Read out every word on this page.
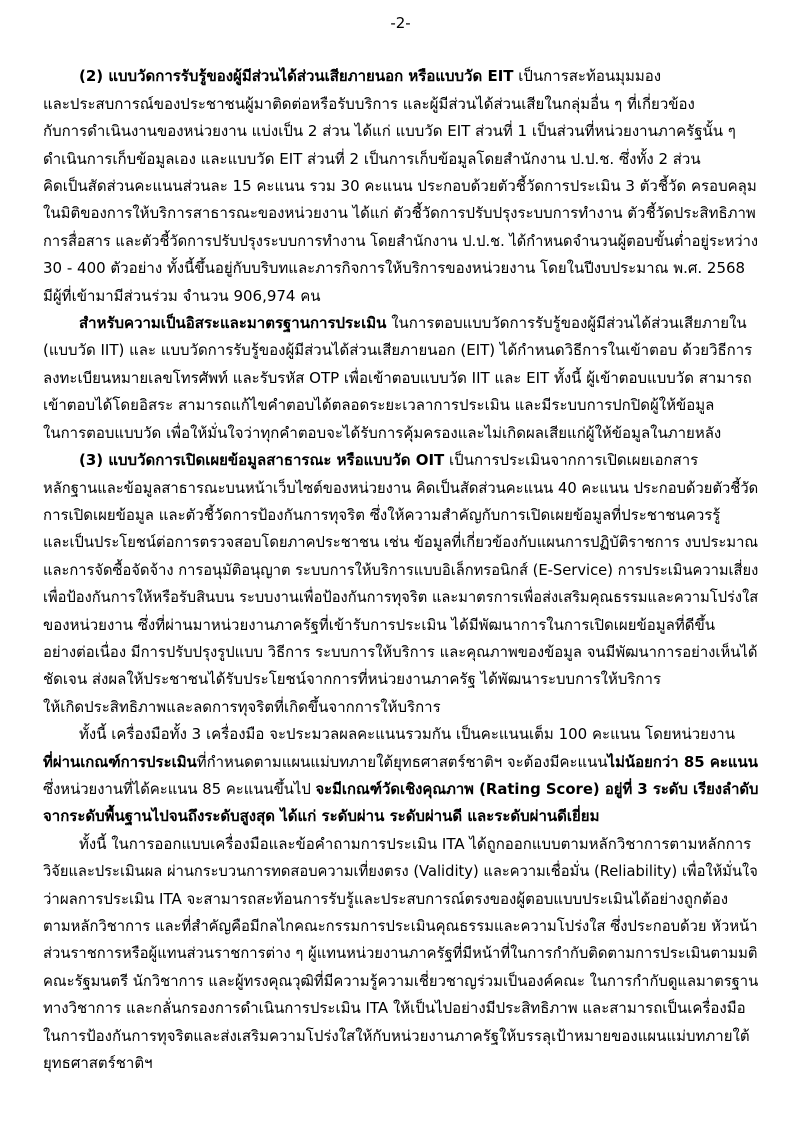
-2-
(2) แบบวัดการรับรู้ของผู้มีส่วนได้ส่วนเสียภายนอก หรือแบบวัด EIT เป็นการสะท้อนมุมมอง
และประสบการณ์ของประชาชนผู้มาติดต่อหรือรับบริการ และผู้มีส่วนได้ส่วนเสียในกลุ่มอื่น ๆ ที่เกี่ยวข้อง
กับการดำเนินงานของหน่วยงาน แบ่งเป็น 2 ส่วน ได้แก่ แบบวัด EIT ส่วนที่ 1 เป็นส่วนที่หน่วยงานภาครัฐนั้น ๆ
ดำเนินการเก็บข้อมูลเอง และแบบวัด EIT ส่วนที่ 2 เป็นการเก็บข้อมูลโดยสำนักงาน ป.ป.ช. ซึ่งทั้ง 2 ส่วน
คิดเป็นสัดส่วนคะแนนส่วนละ 15 คะแนน รวม 30 คะแนน ประกอบด้วยตัวชี้วัดการประเมิน 3 ตัวชี้วัด ครอบคลุม
ในมิติของการให้บริการสาธารณะของหน่วยงาน ได้แก่ ตัวชี้วัดการปรับปรุงระบบการทำงาน ตัวชี้วัดประสิทธิภาพ
การสื่อสาร และตัวชี้วัดการปรับปรุงระบบการทำงาน โดยสำนักงาน ป.ป.ช. ได้กำหนดจำนวนผู้ตอบขั้นต่ำอยู่ระหว่าง
30 - 400 ตัวอย่าง ทั้งนี้ขึ้นอยู่กับบริบทและภารกิจการให้บริการของหน่วยงาน โดยในปีงบประมาณ พ.ศ. 2568
มีผู้ที่เข้ามามีส่วนร่วม จำนวน 906,974 คน
สำหรับความเป็นอิสระและมาตรฐานการประเมิน ในการตอบแบบวัดการรับรู้ของผู้มีส่วนได้ส่วนเสียภายใน
(แบบวัด IIT) และ แบบวัดการรับรู้ของผู้มีส่วนได้ส่วนเสียภายนอก (EIT) ได้กำหนดวิธีการในเข้าตอบ ด้วยวิธีการ
ลงทะเบียนหมายเลขโทรศัพท์ และรับรหัส OTP เพื่อเข้าตอบแบบวัด IIT และ EIT ทั้งนี้ ผู้เข้าตอบแบบวัด สามารถ
เข้าตอบได้โดยอิสระ สามารถแก้ไขคำตอบได้ตลอดระยะเวลาการประเมิน และมีระบบการปกปิดผู้ให้ข้อมูล
ในการตอบแบบวัด เพื่อให้มั่นใจว่าทุกคำตอบจะได้รับการคุ้มครองและไม่เกิดผลเสียแก่ผู้ให้ข้อมูลในภายหลัง
(3) แบบวัดการเปิดเผยข้อมูลสาธารณะ หรือแบบวัด OIT เป็นการประเมินจากการเปิดเผยเอกสาร
หลักฐานและข้อมูลสาธารณะบนหน้าเว็บไซต์ของหน่วยงาน คิดเป็นสัดส่วนคะแนน 40 คะแนน ประกอบด้วยตัวชี้วัด
การเปิดเผยข้อมูล และตัวชี้วัดการป้องกันการทุจริต ซึ่งให้ความสำคัญกับการเปิดเผยข้อมูลที่ประชาชนควรรู้
และเป็นประโยชน์ต่อการตรวจสอบโดยภาคประชาชน เช่น ข้อมูลที่เกี่ยวข้องกับแผนการปฏิบัติราชการ งบประมาณ
และการจัดซื้อจัดจ้าง การอนุมัติอนุญาต ระบบการให้บริการแบบอิเล็กทรอนิกส์ (E-Service) การประเมินความเสี่ยง
เพื่อป้องกันการให้หรือรับสินบน ระบบงานเพื่อป้องกันการทุจริต และมาตรการเพื่อส่งเสริมคุณธรรมและความโปร่งใส
ของหน่วยงาน ซึ่งที่ผ่านมาหน่วยงานภาครัฐที่เข้ารับการประเมิน ได้มีพัฒนาการในการเปิดเผยข้อมูลที่ดีขึ้น
อย่างต่อเนื่อง มีการปรับปรุงรูปแบบ วิธีการ ระบบการให้บริการ และคุณภาพของข้อมูล จนมีพัฒนาการอย่างเห็นได้
ชัดเจน ส่งผลให้ประชาชนได้รับประโยชน์จากการที่หน่วยงานภาครัฐ ได้พัฒนาระบบการให้บริการ
ให้เกิดประสิทธิภาพและลดการทุจริตที่เกิดขึ้นจากการให้บริการ
ทั้งนี้ เครื่องมือทั้ง 3 เครื่องมือ จะประมวลผลคะแนนรวมกัน เป็นคะแนนเต็ม 100 คะแนน โดยหน่วยงาน
ที่ผ่านเกณฑ์การประเมินที่กำหนดตามแผนแม่บทภายใต้ยุทธศาสตร์ชาติฯ จะต้องมีคะแนนไม่น้อยกว่า 85 คะแนน
ซึ่งหน่วยงานที่ได้คะแนน 85 คะแนนขึ้นไป จะมีเกณฑ์วัดเชิงคุณภาพ (Rating Score) อยู่ที่ 3 ระดับ เรียงลำดับ
จากระดับพื้นฐานไปจนถึงระดับสูงสุด ได้แก่ ระดับผ่าน ระดับผ่านดี และระดับผ่านดีเยี่ยม
ทั้งนี้ ในการออกแบบเครื่องมือและข้อคำถามการประเมิน ITA ได้ถูกออกแบบตามหลักวิชาการตามหลักการ
วิจัยและประเมินผล ผ่านกระบวนการทดสอบความเที่ยงตรง (Validity) และความเชื่อมั่น (Reliability) เพื่อให้มั่นใจ
ว่าผลการประเมิน ITA จะสามารถสะท้อนการรับรู้และประสบการณ์ตรงของผู้ตอบแบบประเมินได้อย่างถูกต้อง
ตามหลักวิชาการ และที่สำคัญคือมีกลไกคณะกรรมการประเมินคุณธรรมและความโปร่งใส ซึ่งประกอบด้วย หัวหน้า
ส่วนราชการหรือผู้แทนส่วนราชการต่าง ๆ ผู้แทนหน่วยงานภาครัฐที่มีหน้าที่ในการกำกับติดตามการประเมินตามมติ
คณะรัฐมนตรี นักวิชาการ และผู้ทรงคุณวุฒิที่มีความรู้ความเชี่ยวชาญร่วมเป็นองค์คณะ ในการกำกับดูแลมาตรฐาน
ทางวิชาการ และกลั่นกรองการดำเนินการประเมิน ITA ให้เป็นไปอย่างมีประสิทธิภาพ และสามารถเป็นเครื่องมือ
ในการป้องกันการทุจริตและส่งเสริมความโปร่งใสให้กับหน่วยงานภาครัฐให้บรรลุเป้าหมายของแผนแม่บทภายใต้
ยุทธศาสตร์ชาติฯ
